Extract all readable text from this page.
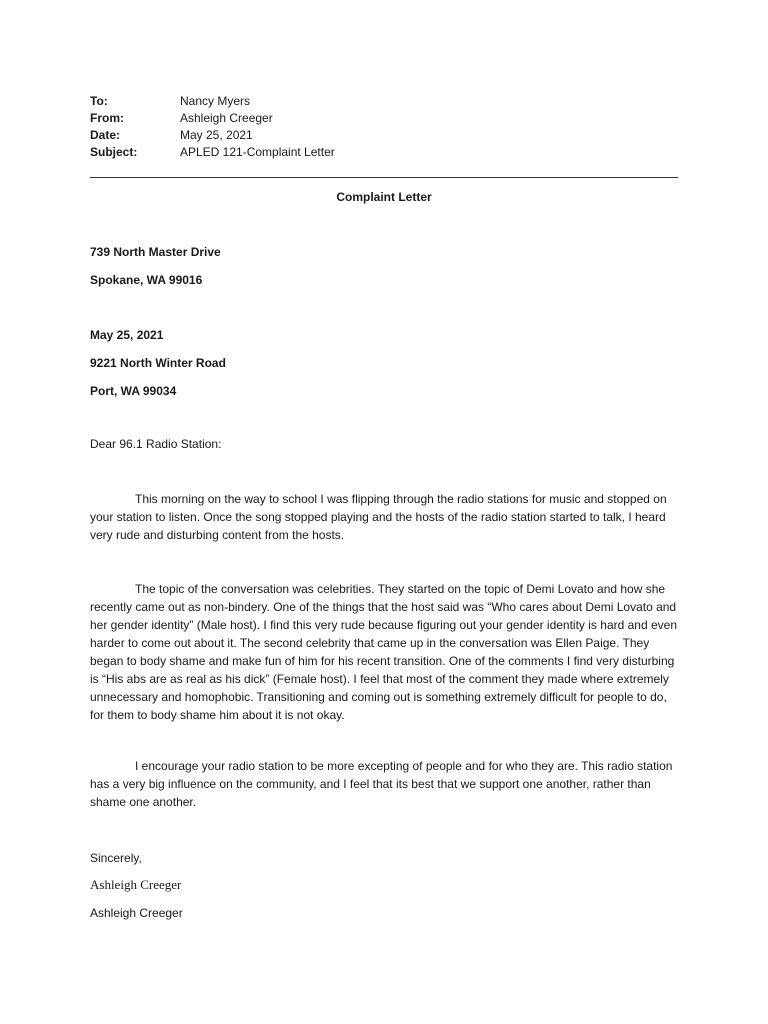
To:	Nancy Myers
From:	Ashleigh Creeger
Date:	May 25, 2021
Subject:	APLED 121-Complaint Letter
Complaint Letter
739 North Master Drive
Spokane, WA 99016
May 25, 2021
9221 North Winter Road
Port, WA 99034
Dear 96.1 Radio Station:

This morning on the way to school I was flipping through the radio stations for music and stopped on your station to listen. Once the song stopped playing and the hosts of the radio station started to talk, I heard very rude and disturbing content from the hosts.

The topic of the conversation was celebrities. They started on the topic of Demi Lovato and how she recently came out as non-bindery. One of the things that the host said was “Who cares about Demi Lovato and her gender identity” (Male host). I find this very rude because figuring out your gender identity is hard and even harder to come out about it. The second celebrity that came up in the conversation was Ellen Paige. They began to body shame and make fun of him for his recent transition. One of the comments I find very disturbing is “His abs are as real as his dick” (Female host). I feel that most of the comment they made where extremely unnecessary and homophobic. Transitioning and coming out is something extremely difficult for people to do, for them to body shame him about it is not okay.

I encourage your radio station to be more excepting of people and for who they are. This radio station has a very big influence on the community, and I feel that its best that we support one another, rather than shame one another.

Sincerely,
Ashleigh Creeger
Ashleigh Creeger
